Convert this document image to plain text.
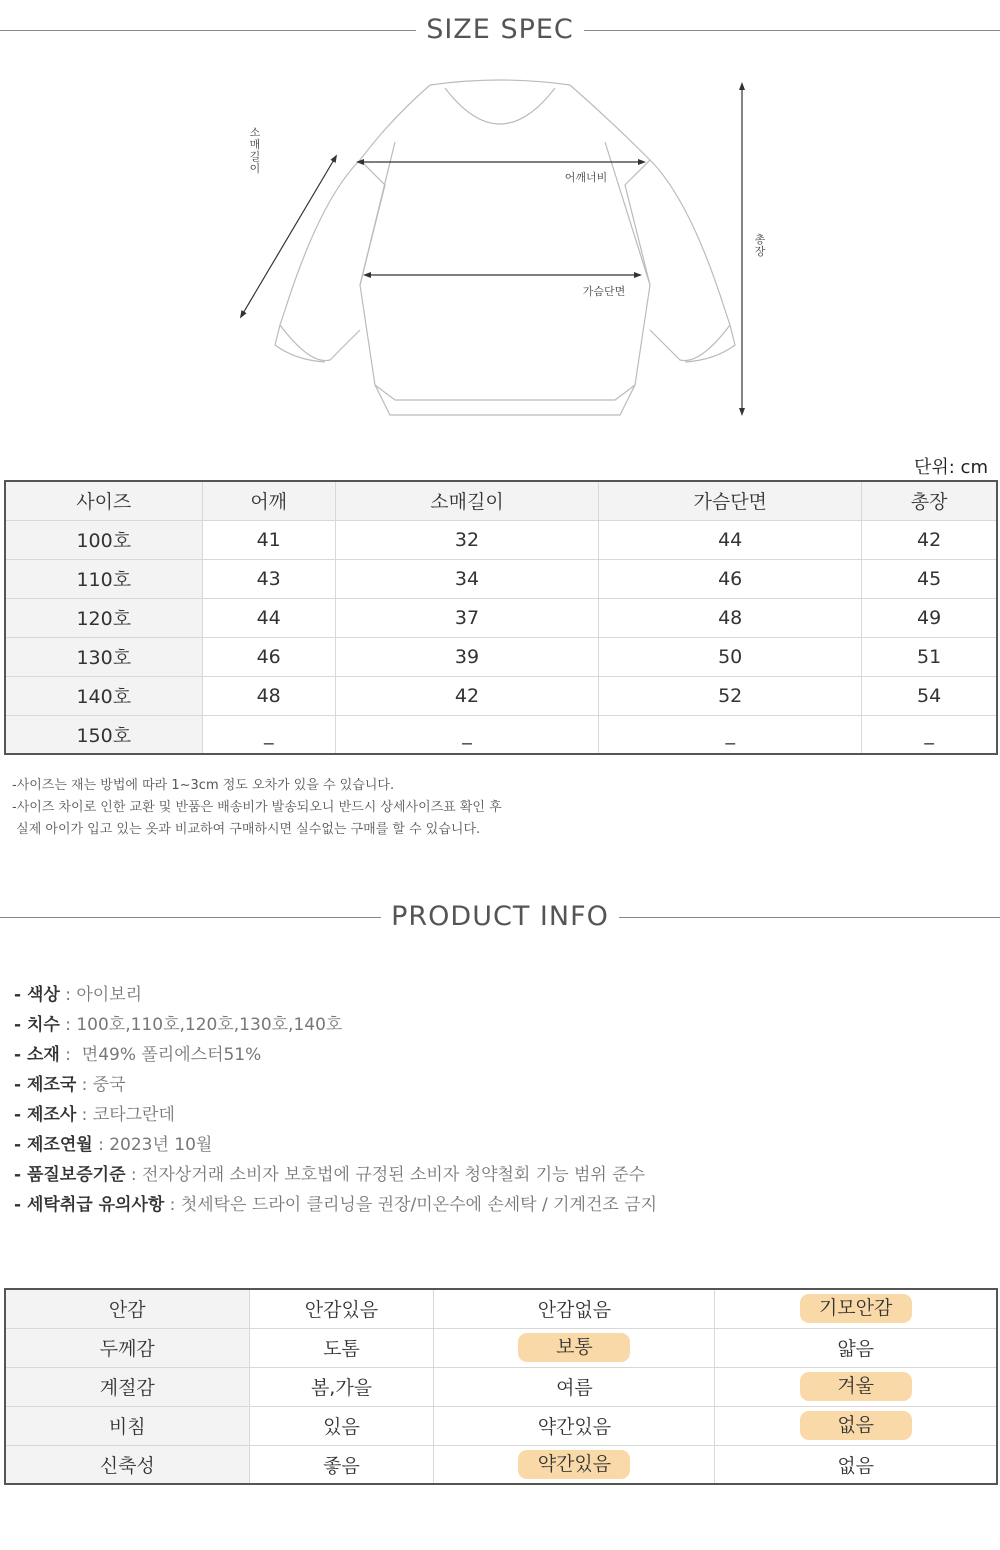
SIZE SPEC
소 매 길 이
어깨너비
가슴단면
총 장
단위: cm
사이즈	어깨	소매길이	가슴단면	총장
100호	41	32	44	42
110호	43	34	46	45
120호	44	37	48	49
130호	46	39	50	51
140호	48	42	52	54
150호	_	_	_	_
-사이즈는 재는 방법에 따라 1~3cm 정도 오차가 있을 수 있습니다.
-사이즈 차이로 인한 교환 및 반품은 배송비가 발송되오니 반드시 상세사이즈표 확인 후
실제 아이가 입고 있는 옷과 비교하여 구매하시면 실수없는 구매를 할 수 있습니다.
PRODUCT INFO
- 색상 : 아이보리
- 치수 : 100호,110호,120호,130호,140호
- 소재 :  면49% 폴리에스터51%
- 제조국 : 중국
- 제조사 : 코타그란데
- 제조연월 : 2023년 10월
- 품질보증기준 : 전자상거래 소비자 보호법에 규정된 소비자 청약철회 기능 범위 준수
- 세탁취급 유의사항 : 첫세탁은 드라이 클리닝을 권장/미온수에 손세탁 / 기계건조 금지
안감	안감있음	안감없음	기모안감
두께감	도톰	보통	얇음
계절감	봄,가을	여름	겨울
비침	있음	약간있음	없음
신축성	좋음	약간있음	없음
